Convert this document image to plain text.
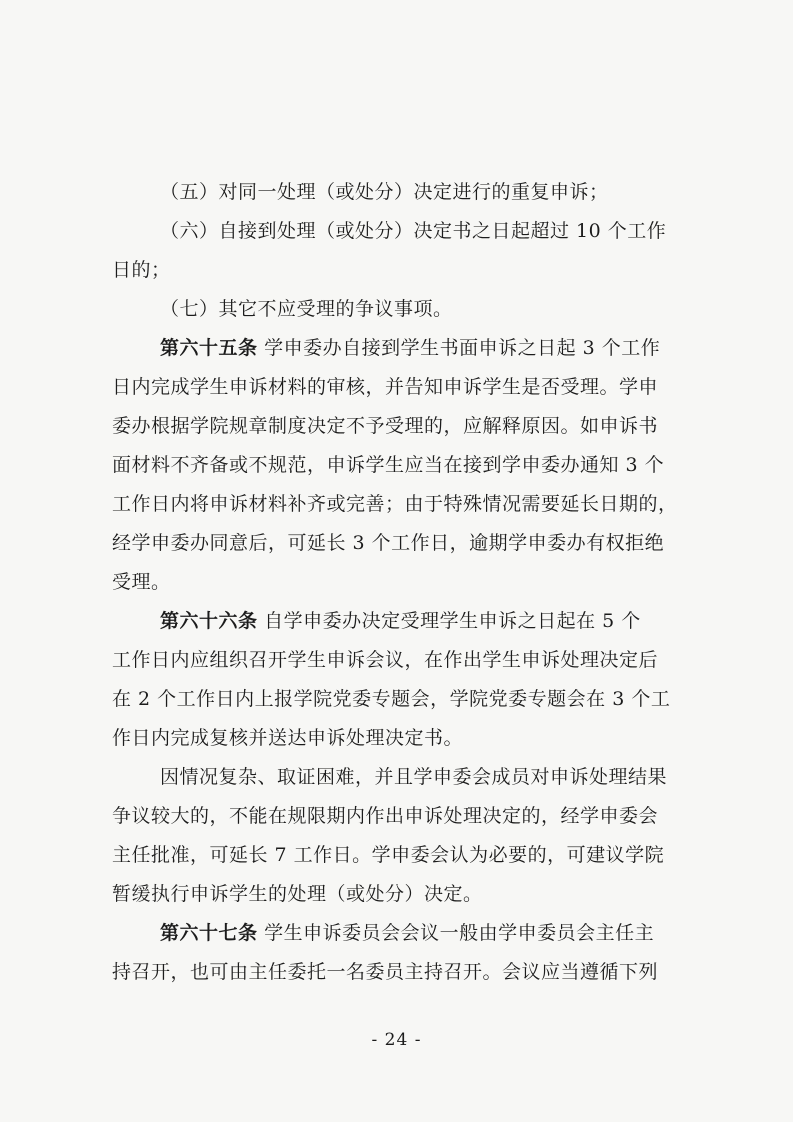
（五）对同一处理（或处分）决定进行的重复申诉；
（六）自接到处理（或处分）决定书之日起超过 10 个工作
日的；
（七）其它不应受理的争议事项。
第六十五条 学申委办自接到学生书面申诉之日起 3 个工作
日内完成学生申诉材料的审核，并告知申诉学生是否受理。学申
委办根据学院规章制度决定不予受理的，应解释原因。如申诉书
面材料不齐备或不规范，申诉学生应当在接到学申委办通知 3 个
工作日内将申诉材料补齐或完善；由于特殊情况需要延长日期的，
经学申委办同意后，可延长 3 个工作日，逾期学申委办有权拒绝
受理。
第六十六条 自学申委办决定受理学生申诉之日起在 5 个
工作日内应组织召开学生申诉会议，在作出学生申诉处理决定后
在 2 个工作日内上报学院党委专题会，学院党委专题会在 3 个工
作日内完成复核并送达申诉处理决定书。
因情况复杂、取证困难，并且学申委会成员对申诉处理结果
争议较大的，不能在规限期内作出申诉处理决定的，经学申委会
主任批准，可延长 7 工作日。学申委会认为必要的，可建议学院
暂缓执行申诉学生的处理（或处分）决定。
第六十七条 学生申诉委员会会议一般由学申委员会主任主
持召开，也可由主任委托一名委员主持召开。会议应当遵循下列
- 24 -
